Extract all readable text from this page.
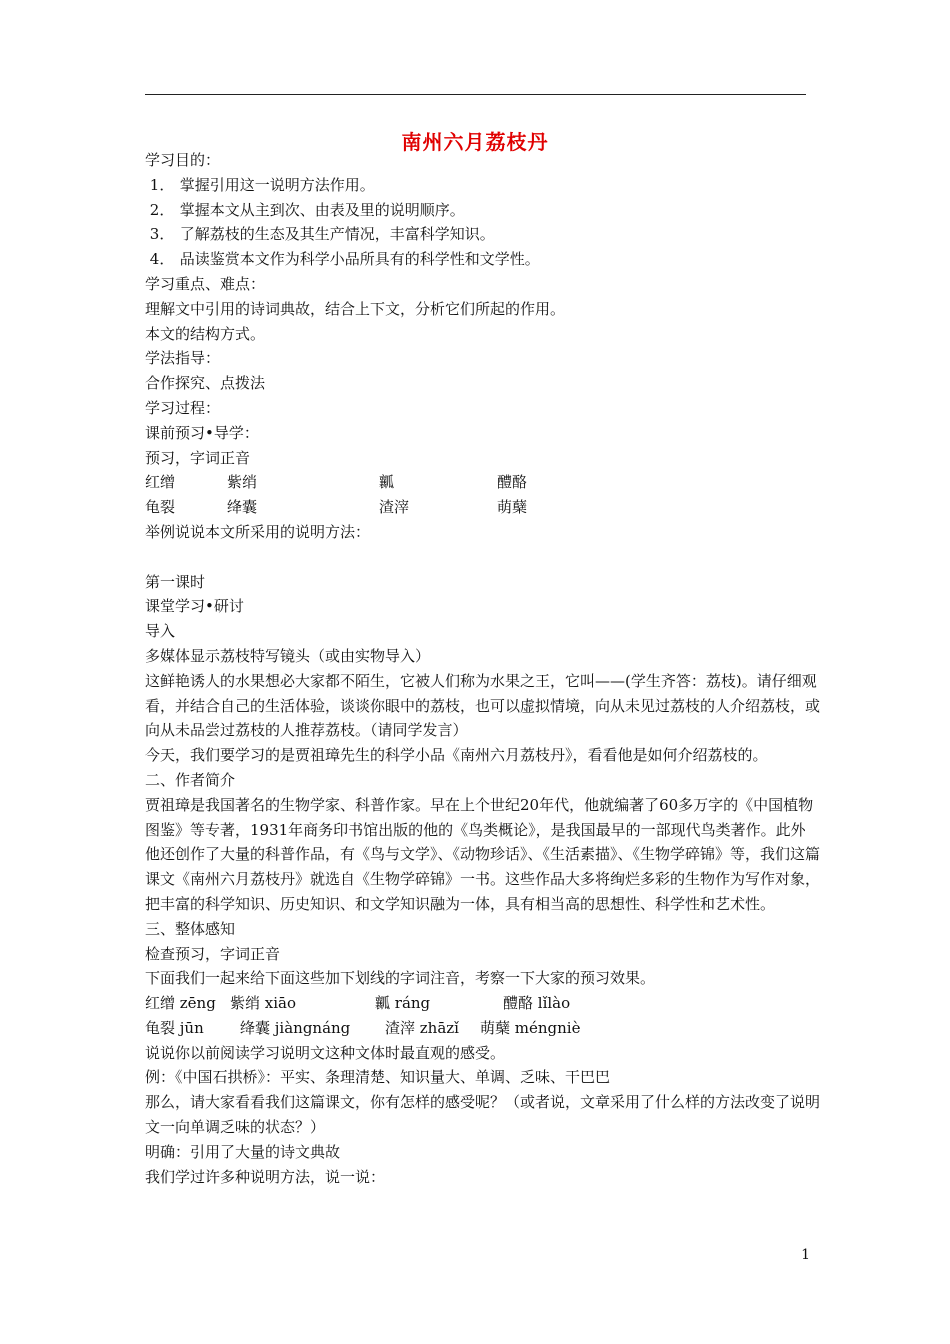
南州六月荔枝丹
学习目的：
1． 掌握引用这一说明方法作用。
2． 掌握本文从主到次、由表及里的说明顺序。
3． 了解荔枝的生态及其生产情况，丰富科学知识。
4． 品读鉴赏本文作为科学小品所具有的科学性和文学性。
学习重点、难点：
理解文中引用的诗词典故，结合上下文，分析它们所起的作用。
本文的结构方式。
学法指导：
合作探究、点拨法
学习过程：
课前预习•导学：
预习，字词正音
红缯	紫绡	瓤	醴酪
龟裂	绛囊	渣滓	萌蘖
举例说说本文所采用的说明方法：
第一课时
课堂学习•研讨
导入
多媒体显示荔枝特写镜头（或由实物导入）
这鲜艳诱人的水果想必大家都不陌生，它被人们称为水果之王，它叫——(学生齐答：荔枝)。请仔细观看，并结合自己的生活体验，谈谈你眼中的荔枝，也可以虚拟情境，向从未见过荔枝的人介绍荔枝，或向从未品尝过荔枝的人推荐荔枝。（请同学发言）
今天，我们要学习的是贾祖璋先生的科学小品《南州六月荔枝丹》，看看他是如何介绍荔枝的。
二、作者简介
贾祖璋是我国著名的生物学家、科普作家。早在上个世纪20年代，他就编著了60多万字的《中国植物图鉴》等专著，1931年商务印书馆出版的他的《鸟类概论》，是我国最早的一部现代鸟类著作。此外他还创作了大量的科普作品，有《鸟与文学》、《动物珍话》、《生活素描》、《生物学碎锦》等，我们这篇课文《南州六月荔枝丹》就选自《生物学碎锦》一书。这些作品大多将绚烂多彩的生物作为写作对象，把丰富的科学知识、历史知识、和文学知识融为一体，具有相当高的思想性、科学性和艺术性。
三、整体感知
检查预习，字词正音
下面我们一起来给下面这些加下划线的字词注音，考察一下大家的预习效果。
红缯 zēng 紫绡 xiāo	瓤 ráng	醴酪 lǐlào
龟裂 jūn 绛囊 jiàngnáng 渣滓 zhāzǐ 萌蘖 méngniè
说说你以前阅读学习说明文这种文体时最直观的感受。
例：《中国石拱桥》：平实、条理清楚、知识量大、单调、乏味、干巴巴
那么，请大家看看我们这篇课文，你有怎样的感受呢？（或者说，文章采用了什么样的方法改变了说明文一向单调乏味的状态？）
明确：引用了大量的诗文典故
我们学过许多种说明方法，说一说：
1
